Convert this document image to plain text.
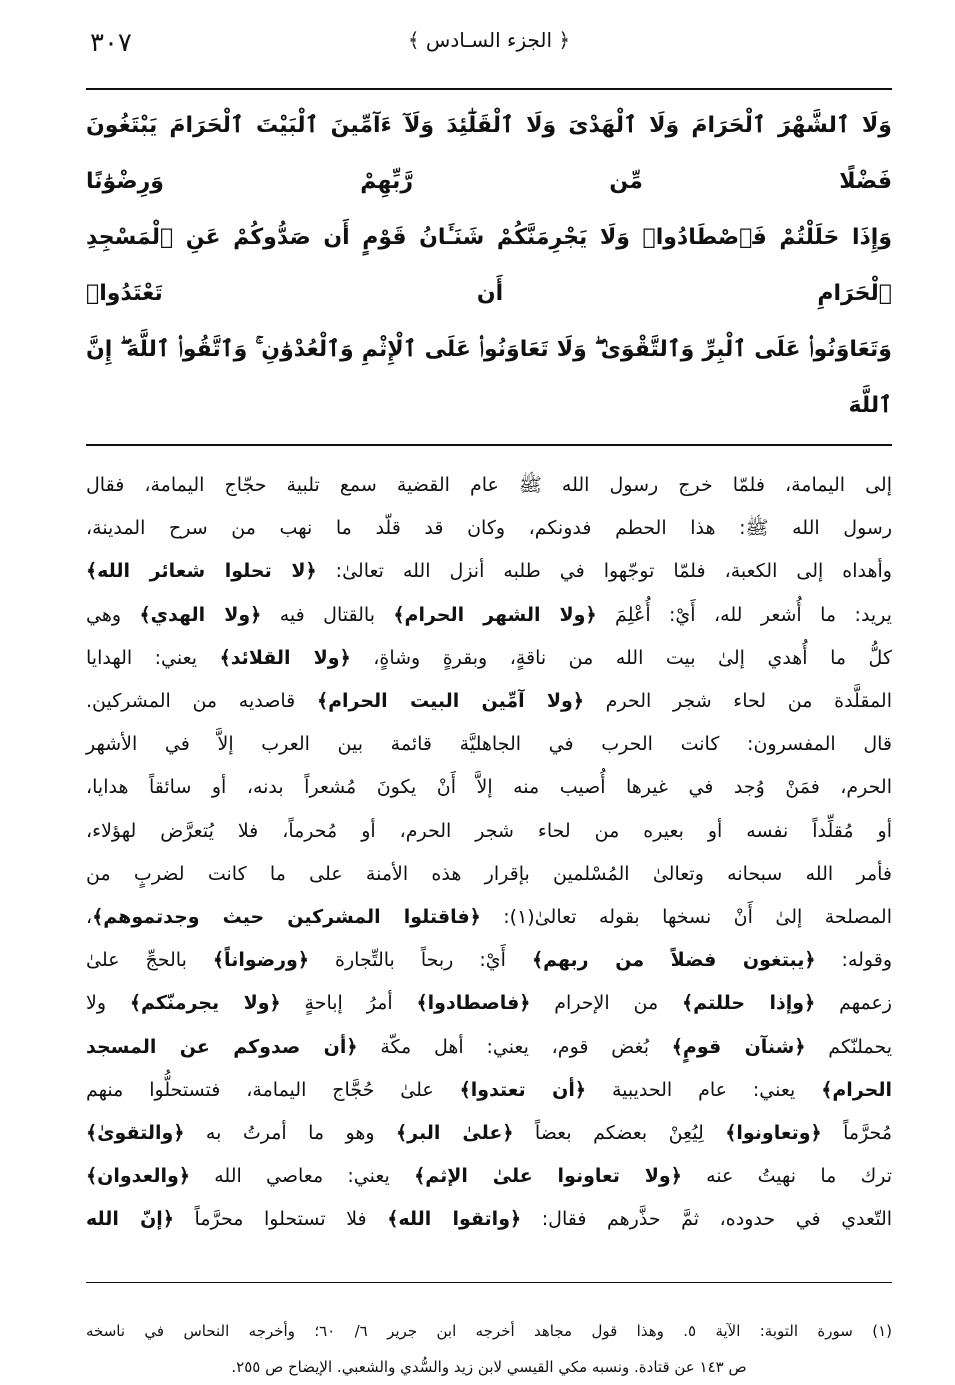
﴿ الجزء السـادس ﴾
٣٠٧
وَلَا ٱلشَّهْرَ ٱلْحَرَامَ وَلَا ٱلْهَدْىَ وَلَا ٱلْقَلَٰٓئِدَ وَلَآ ءَآمِّينَ ٱلْبَيْتَ ٱلْحَرَامَ يَبْتَغُونَ فَضْلًا مِّن رَّبِّهِمْ وَرِضْوَٰنًا
وَإِذَا حَلَلْتُمْ فَٱصْطَادُوا۟ وَلَا يَجْرِمَنَّكُمْ شَنَـَٔانُ قَوْمٍ أَن صَدُّوكُمْ عَنِ ٱلْمَسْجِدِ ٱلْحَرَامِ أَن تَعْتَدُوا۟
وَتَعَاوَنُوا۟ عَلَى ٱلْبِرِّ وَٱلتَّقْوَىٰ ۖ وَلَا تَعَاوَنُوا۟ عَلَى ٱلْإِثْمِ وَٱلْعُدْوَٰنِ ۚ وَٱتَّقُوا۟ ٱللَّهَ ۖ إِنَّ ٱللَّهَ
إلى اليمامة، فلمّا خرج رسول الله ﷺ عام القضية سمع تلبية حجّاج اليمامة، فقال
رسول الله ﷺ: هذا الحطم فدونكم، وكان قد قلّد ما نهب من سرح المدينة،
وأهداه إلى الكعبة، فلمّا توجّهوا في طلبه أنزل الله تعالىٰ: ﴿لا تحلوا شعائر الله﴾
يريد: ما أُشعر لله، أَيْ: أُعْلِمَ ﴿ولا الشهر الحرام﴾ بالقتال فيه ﴿ولا الهدي﴾ وهي
كلُّ ما أُهدي إلىٰ بيت الله من ناقةٍ، وبقرةٍ وشاةٍ، ﴿ولا القلائد﴾ يعني: الهدايا
المقلَّدة من لحاء شجر الحرم ﴿ولا آمِّين البيت الحرام﴾ قاصديه من المشركين.
قال المفسرون: كانت الحرب في الجاهليَّة قائمة بين العرب إلاَّ في الأشهر
الحرم، فمَنْ وُجد في غيرها أُصيب منه إلاَّ أَنْ يكونَ مُشعراً بدنه، أو سائقاً هدايا،
أو مُقلِّداً نفسه أو بعيره من لحاء شجر الحرم، أو مُحرماً، فلا يُتعرَّض لهؤلاء،
فأمر الله سبحانه وتعالىٰ المُسْلمين بإقرار هذه الأمنة على ما كانت لضربٍ من
المصلحة إلىٰ أَنْ نسخها بقوله تعالىٰ(١): ﴿فاقتلوا المشركين حيث وجدتموهم﴾،
وقوله: ﴿يبتغون فضلاً من ربهم﴾ أَيْ: ربحاً بالتِّجارة ﴿ورضواناً﴾ بالحجِّ علىٰ
زعمهم ﴿وإذا حللتم﴾ من الإحرام ﴿فاصطادوا﴾ أمرُ إباحةٍ ﴿ولا يجرمنّكم﴾ ولا
يحملنّكم ﴿شنآن قومٍ﴾ بُغض قوم، يعني: أهل مكّة ﴿أن صدوكم عن المسجد
الحرام﴾ يعني: عام الحديبية ﴿أن تعتدوا﴾ علىٰ حُجَّاج اليمامة، فتستحلُّوا منهم
مُحرَّماً ﴿وتعاونوا﴾ لِيُعِنْ بعضكم بعضاً ﴿علىٰ البر﴾ وهو ما أمرتُ به ﴿والتقوىٰ﴾
ترك ما نهيتُ عنه ﴿ولا تعاونوا علىٰ الإثم﴾ يعني: معاصي الله ﴿والعدوان﴾
التّعدي في حدوده، ثمَّ حذَّرهم فقال: ﴿واتقوا الله﴾ فلا تستحلوا محرَّماً ﴿إنّ الله
(١) سورة التوبة: الآية ٥. وهذا قول مجاهد أخرجه ابن جرير ٦/ ٦٠؛ وأخرجه النحاس في ناسخه
ص ١٤٣ عن قتادة. ونسبه مكي القيسي لابن زيد والسُّدي والشعبي. الإيضاح ص ٢٥٥.
